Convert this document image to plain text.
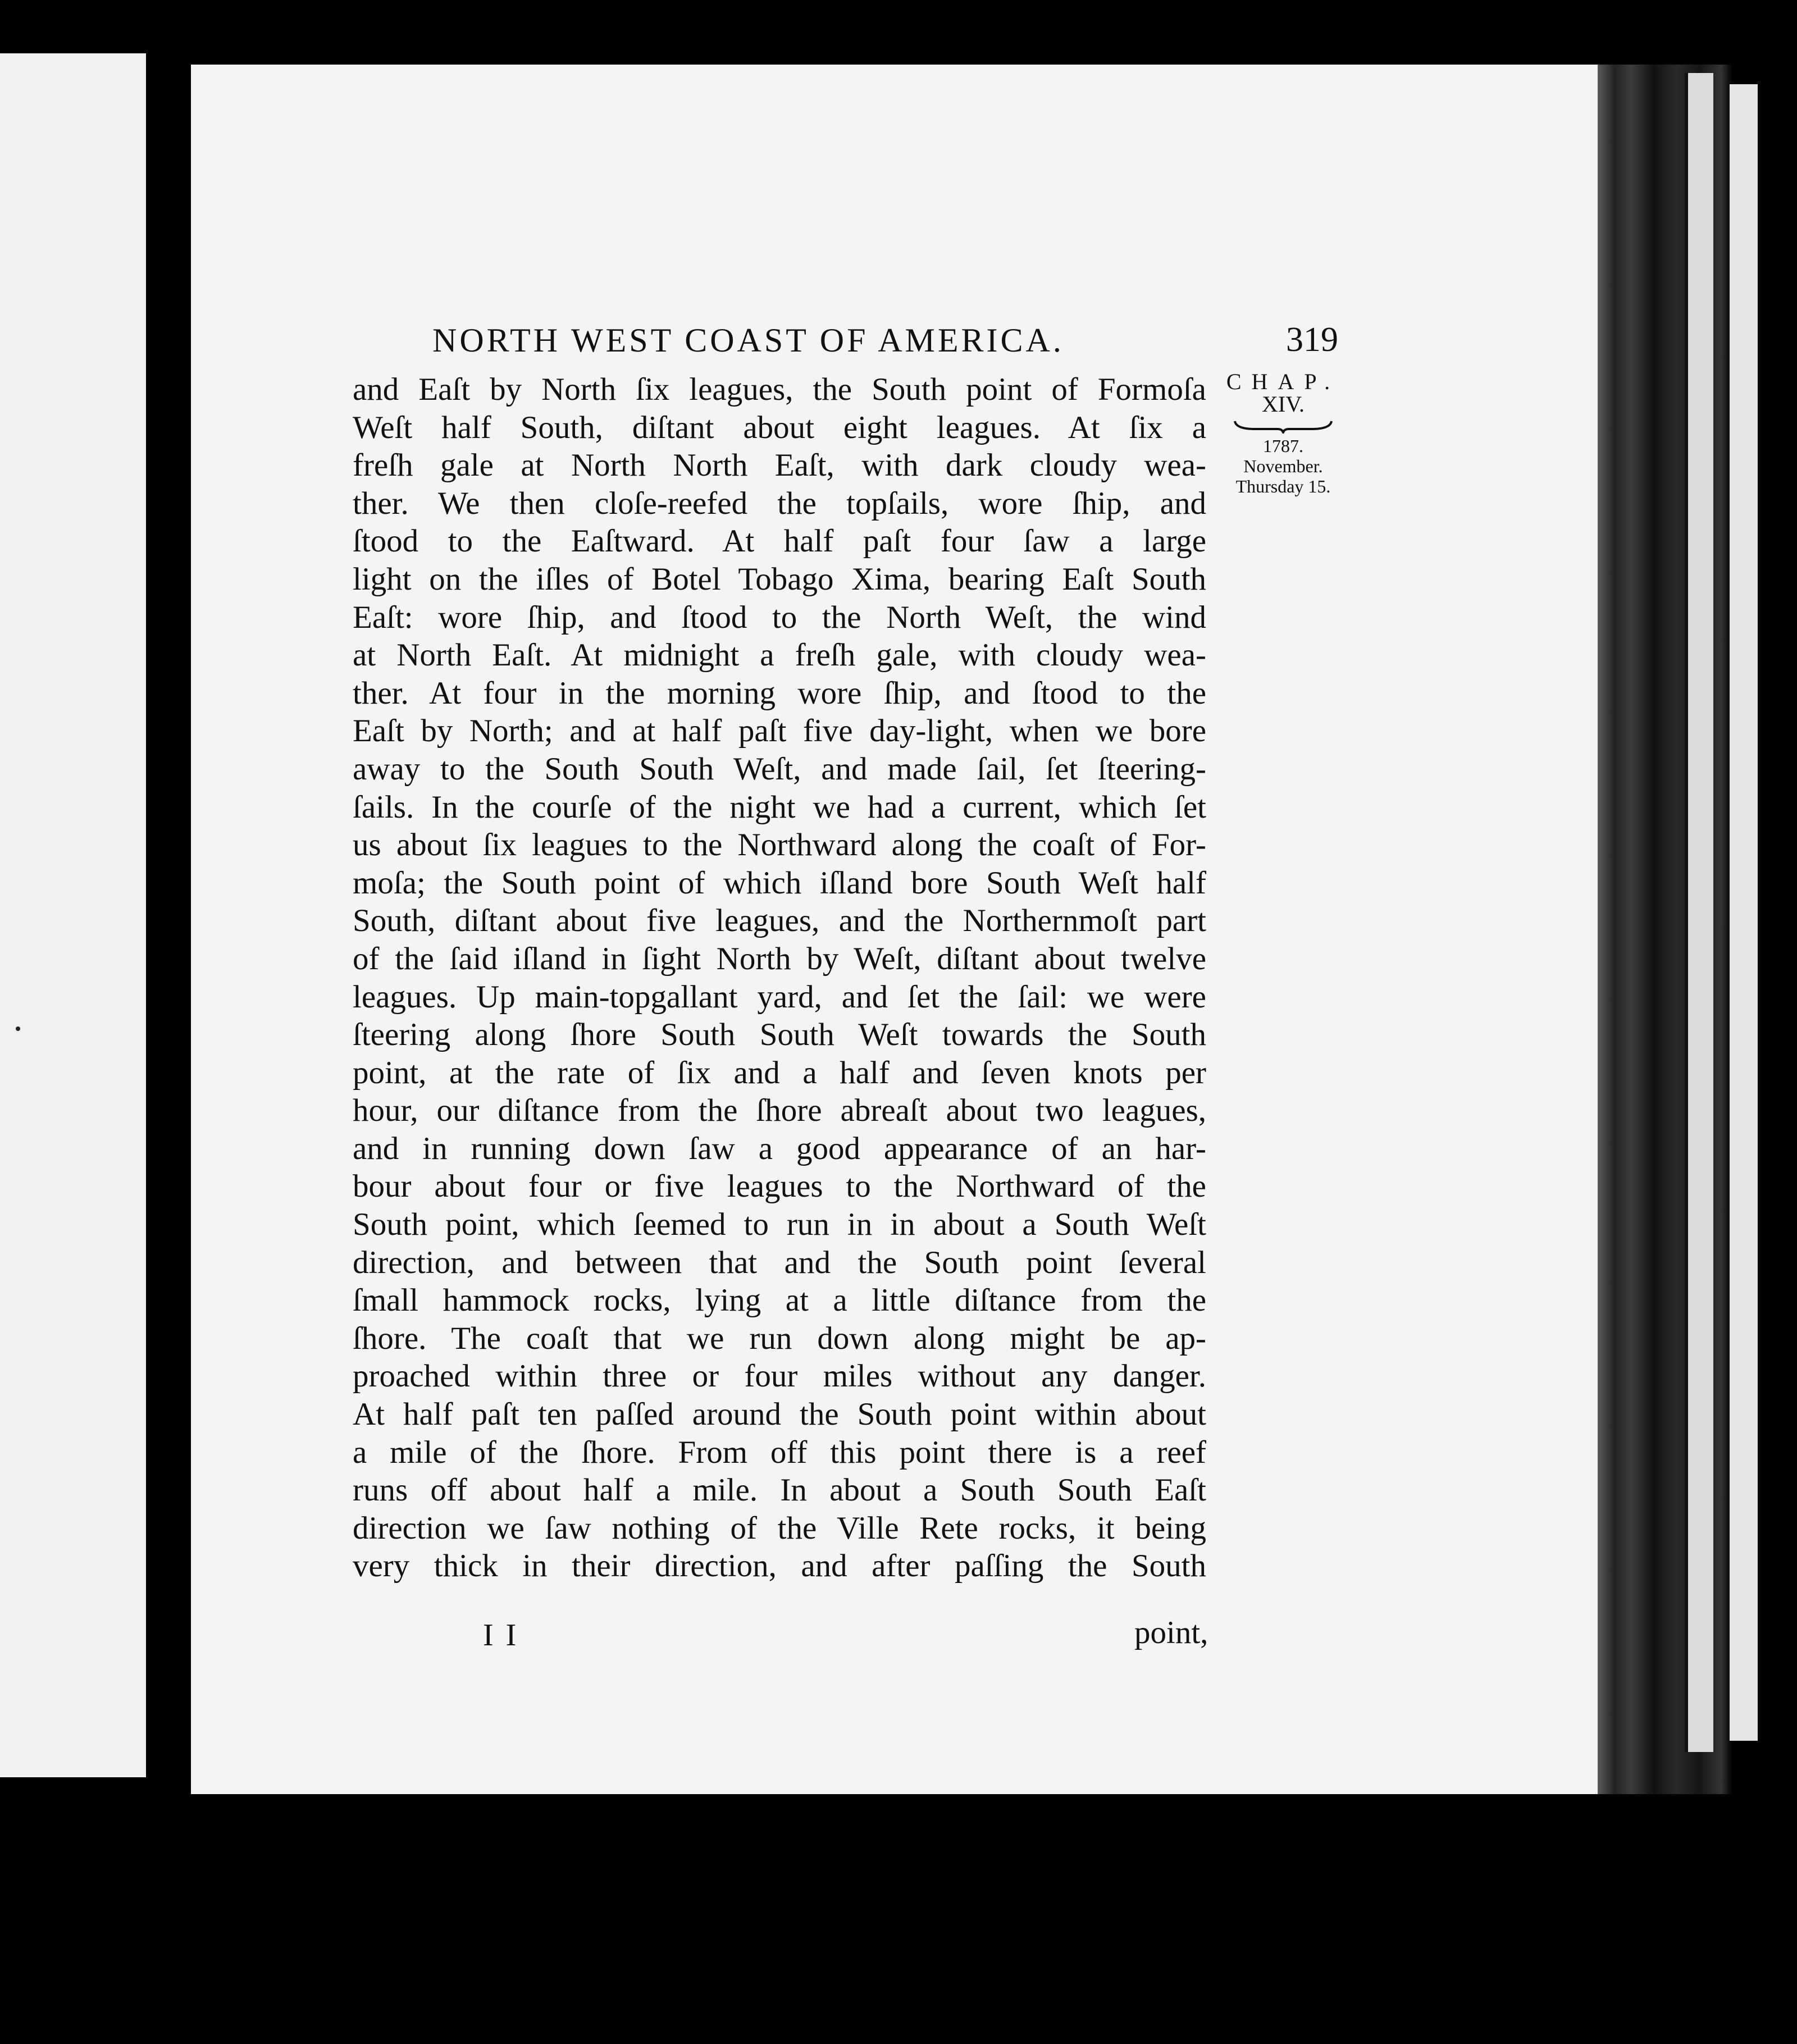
NORTH WEST COAST OF AMERICA.	319
CHAP.
XIV.
1787.
November.
Thursday 15.
and Eaſt by North ſix leagues, the South point of Formoſa
Weſt half South, diſtant about eight leagues. At ſix a
freſh gale at North North Eaſt, with dark cloudy wea-
ther. We then cloſe-reefed the topſails, wore ſhip, and
ſtood to the Eaſtward. At half paſt four ſaw a large
light on the iſles of Botel Tobago Xima, bearing Eaſt South
Eaſt: wore ſhip, and ſtood to the North Weſt, the wind
at North Eaſt. At midnight a freſh gale, with cloudy wea-
ther. At four in the morning wore ſhip, and ſtood to the
Eaſt by North; and at half paſt five day-light, when we bore
away to the South South Weſt, and made ſail, ſet ſteering-
ſails. In the courſe of the night we had a current, which ſet
us about ſix leagues to the Northward along the coaſt of For-
moſa; the South point of which iſland bore South Weſt half
South, diſtant about five leagues, and the Northernmoſt part
of the ſaid iſland in ſight North by Weſt, diſtant about twelve
leagues. Up main-topgallant yard, and ſet the ſail: we were
ſteering along ſhore South South Weſt towards the South
point, at the rate of ſix and a half and ſeven knots per
hour, our diſtance from the ſhore abreaſt about two leagues,
and in running down ſaw a good appearance of an har-
bour about four or five leagues to the Northward of the
South point, which ſeemed to run in in about a South Weſt
direction, and between that and the South point ſeveral
ſmall hammock rocks, lying at a little diſtance from the
ſhore. The coaſt that we run down along might be ap-
proached within three or four miles without any danger.
At half paſt ten paſſed around the South point within about
a mile of the ſhore. From off this point there is a reef
runs off about half a mile. In about a South South Eaſt
direction we ſaw nothing of the Ville Rete rocks, it being
very thick in their direction, and after paſſing the South
I I	point,
